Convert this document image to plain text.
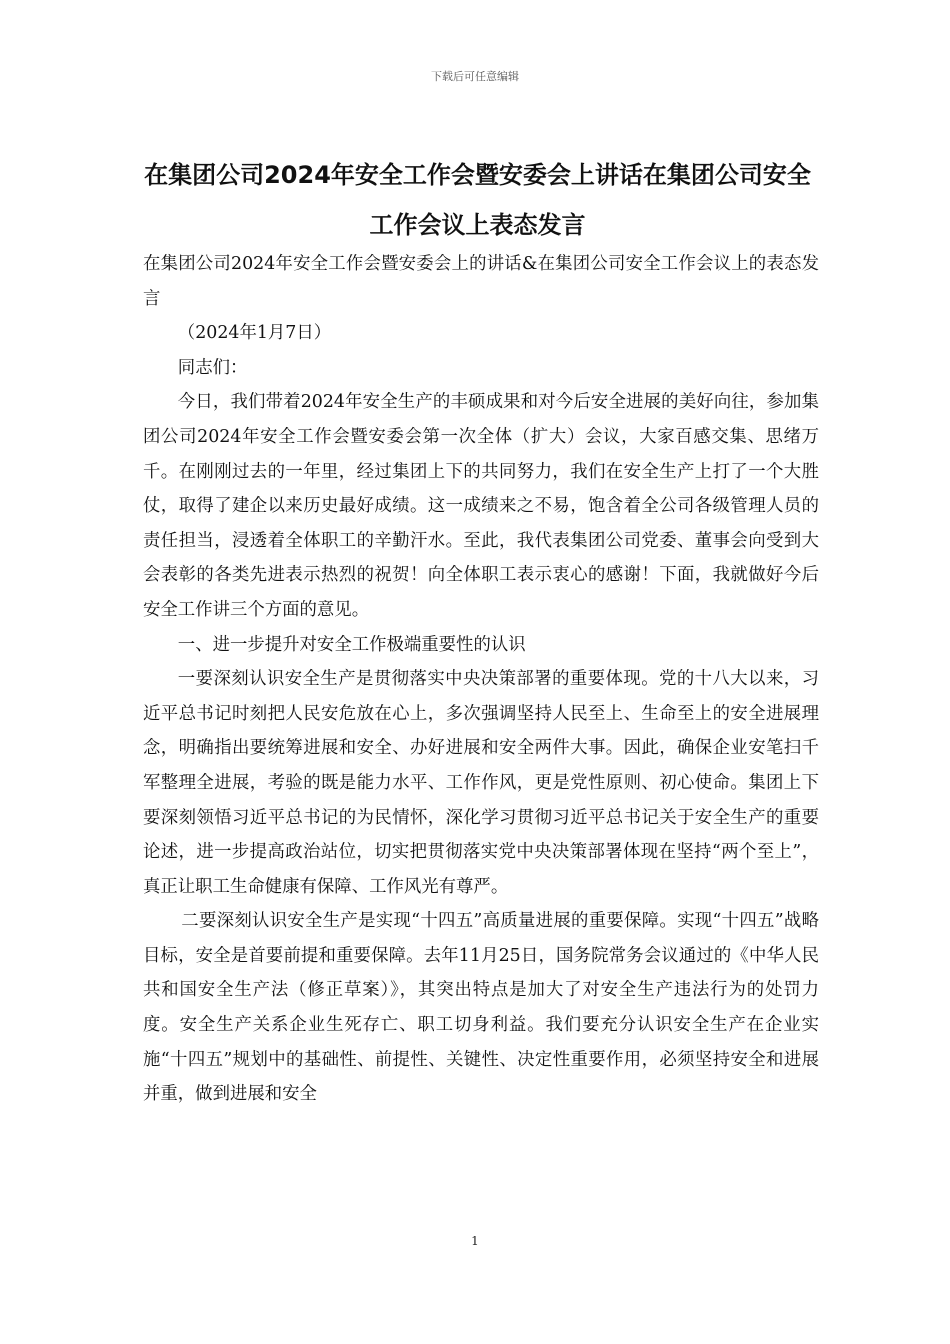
下载后可任意编辑
在集团公司2024年安全工作会暨安委会上讲话在集团公司安全工作会议上表态发言

在集团公司2024年安全工作会暨安委会上的讲话&在集团公司安全工作会议上的表态发言

（2024年1月7日）

同志们：

今日，我们带着2024年安全生产的丰硕成果和对今后安全进展的美好向往，参加集团公司2024年安全工作会暨安委会第一次全体（扩大）会议，大家百感交集、思绪万千。在刚刚过去的一年里，经过集团上下的共同努力，我们在安全生产上打了一个大胜仗，取得了建企以来历史最好成绩。这一成绩来之不易，饱含着全公司各级管理人员的责任担当，浸透着全体职工的辛勤汗水。至此，我代表集团公司党委、董事会向受到大会表彰的各类先进表示热烈的祝贺！向全体职工表示衷心的感谢！下面，我就做好今后安全工作讲三个方面的意见。

一、进一步提升对安全工作极端重要性的认识

一要深刻认识安全生产是贯彻落实中央决策部署的重要体现。党的十八大以来，习近平总书记时刻把人民安危放在心上，多次强调坚持人民至上、生命至上的安全进展理念，明确指出要统筹进展和安全、办好进展和安全两件大事。因此，确保企业安笔扫千军整理全进展，考验的既是能力水平、工作作风，更是党性原则、初心使命。集团上下要深刻领悟习近平总书记的为民情怀，深化学习贯彻习近平总书记关于安全生产的重要论述，进一步提高政治站位，切实把贯彻落实党中央决策部署体现在坚持“两个至上”，真正让职工生命健康有保障、工作风光有尊严。

二要深刻认识安全生产是实现“十四五”高质量进展的重要保障。实现“十四五”战略目标，安全是首要前提和重要保障。去年11月25日，国务院常务会议通过的《中华人民共和国安全生产法（修正草案）》，其突出特点是加大了对安全生产违法行为的处罚力度。安全生产关系企业生死存亡、职工切身利益。我们要充分认识安全生产在企业实施“十四五”规划中的基础性、前提性、关键性、决定性重要作用，必须坚持安全和进展并重，做到进展和安全

1
